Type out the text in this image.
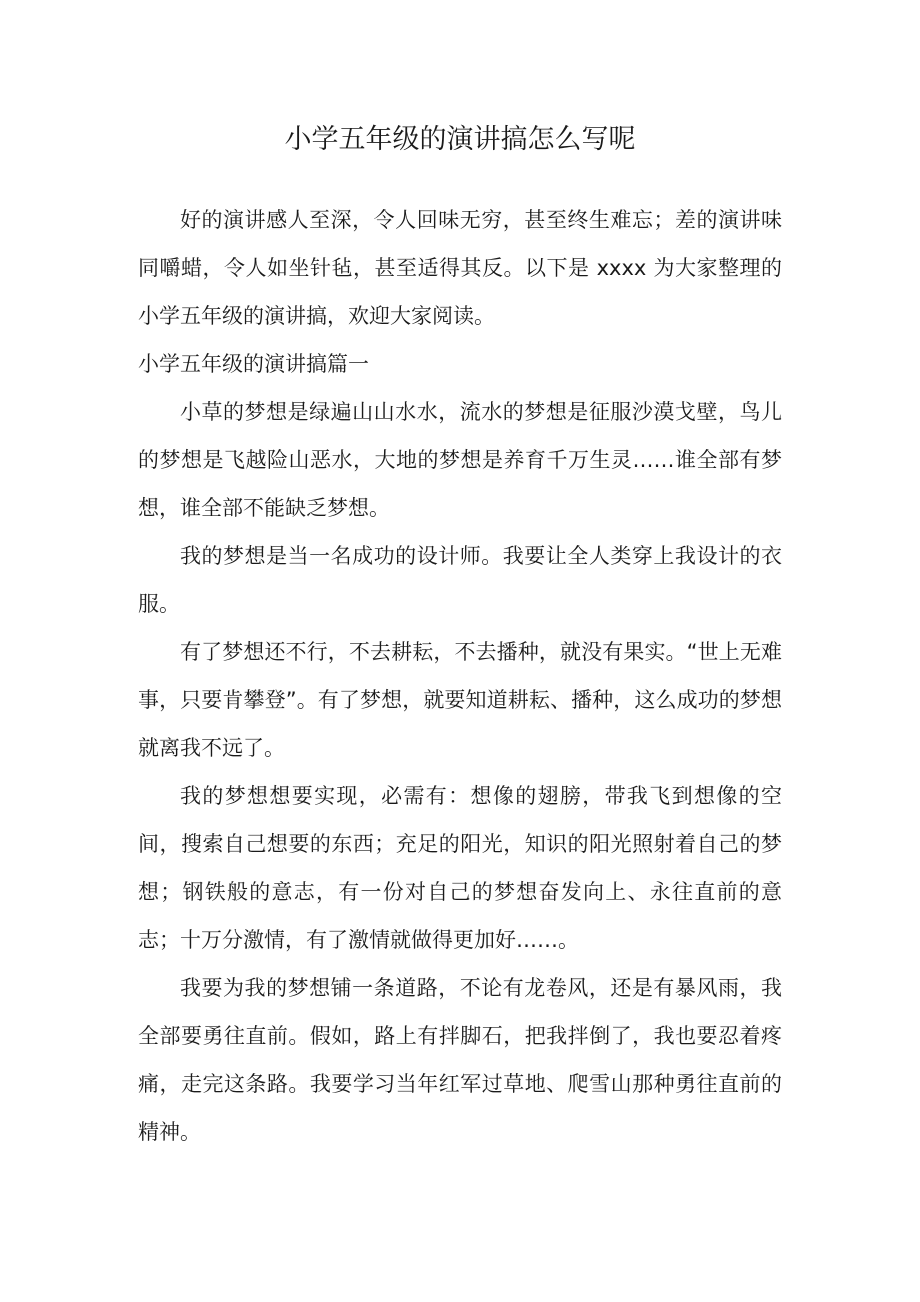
小学五年级的演讲搞怎么写呢

好的演讲感人至深，令人回味无穷，甚至终生难忘；差的演讲味同嚼蜡，令人如坐针毡，甚至适得其反。以下是 xxxx 为大家整理的小学五年级的演讲搞，欢迎大家阅读。

小学五年级的演讲搞篇一

小草的梦想是绿遍山山水水，流水的梦想是征服沙漠戈壁，鸟儿的梦想是飞越险山恶水，大地的梦想是养育千万生灵……谁全部有梦想，谁全部不能缺乏梦想。

我的梦想是当一名成功的设计师。我要让全人类穿上我设计的衣服。

有了梦想还不行，不去耕耘，不去播种，就没有果实。“世上无难事，只要肯攀登”。有了梦想，就要知道耕耘、播种，这么成功的梦想就离我不远了。

我的梦想想要实现，必需有：想像的翅膀，带我飞到想像的空间，搜索自己想要的东西；充足的阳光，知识的阳光照射着自己的梦想；钢铁般的意志，有一份对自己的梦想奋发向上、永往直前的意志；十万分激情，有了激情就做得更加好……。

我要为我的梦想铺一条道路，不论有龙卷风，还是有暴风雨，我全部要勇往直前。假如，路上有拌脚石，把我拌倒了，我也要忍着疼痛，走完这条路。我要学习当年红军过草地、爬雪山那种勇往直前的精神。
